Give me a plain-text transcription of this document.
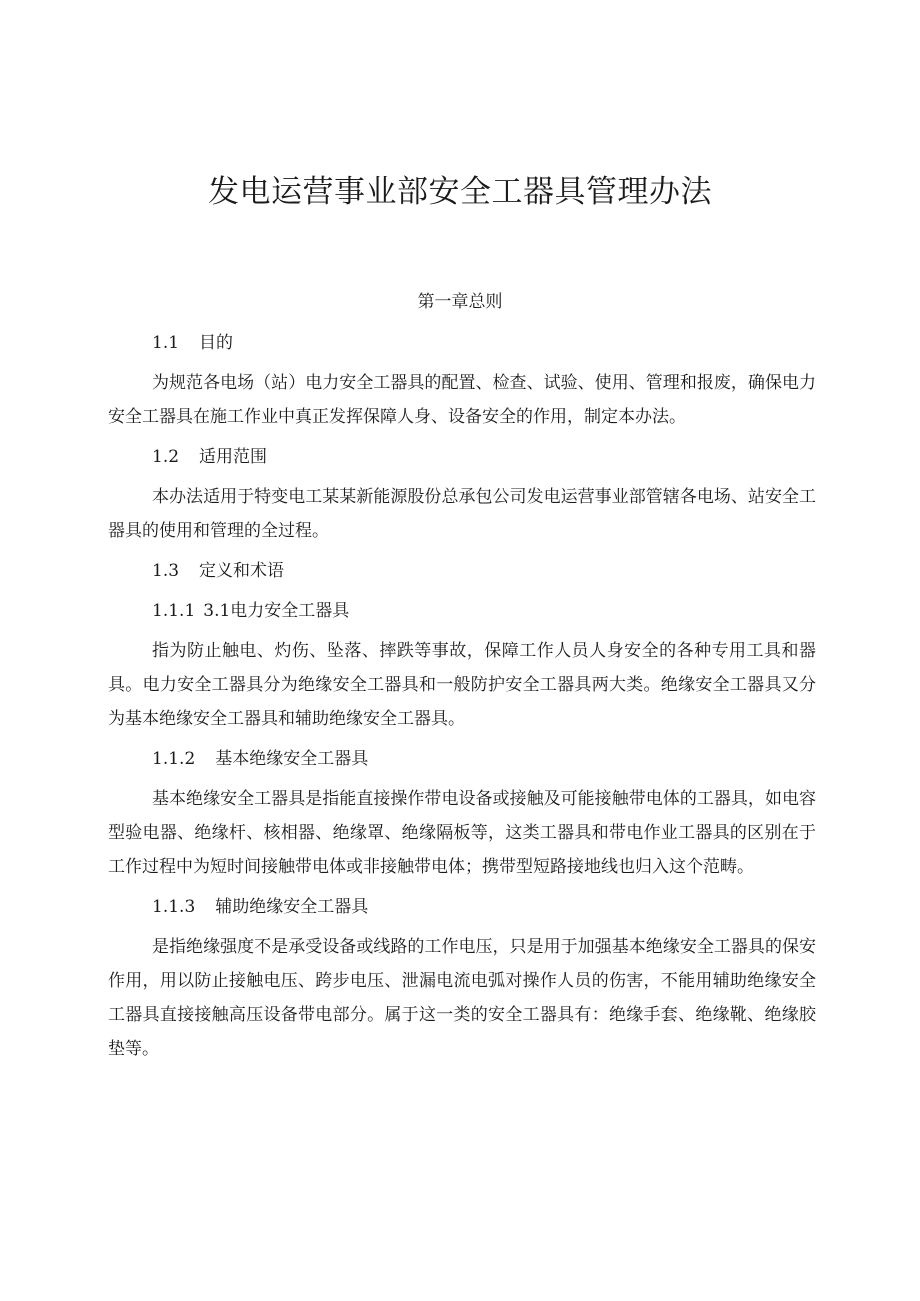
发电运营事业部安全工器具管理办法
第一章总则
1.1 目的

为规范各电场（站）电力安全工器具的配置、检查、试验、使用、管理和报废，确保电力安全工器具在施工作业中真正发挥保障人身、设备安全的作用，制定本办法。

1.2 适用范围

本办法适用于特变电工某某新能源股份总承包公司发电运营事业部管辖各电场、站安全工器具的使用和管理的全过程。

1.3 定义和术语
1.1.1 3.1电力安全工器具

指为防止触电、灼伤、坠落、摔跌等事故，保障工作人员人身安全的各种专用工具和器具。电力安全工器具分为绝缘安全工器具和一般防护安全工器具两大类。绝缘安全工器具又分为基本绝缘安全工器具和辅助绝缘安全工器具。

1.1.2 基本绝缘安全工器具

基本绝缘安全工器具是指能直接操作带电设备或接触及可能接触带电体的工器具，如电容型验电器、绝缘杆、核相器、绝缘罩、绝缘隔板等，这类工器具和带电作业工器具的区别在于工作过程中为短时间接触带电体或非接触带电体；携带型短路接地线也归入这个范畴。

1.1.3 辅助绝缘安全工器具

是指绝缘强度不是承受设备或线路的工作电压，只是用于加强基本绝缘安全工器具的保安作用，用以防止接触电压、跨步电压、泄漏电流电弧对操作人员的伤害，不能用辅助绝缘安全工器具直接接触高压设备带电部分。属于这一类的安全工器具有：绝缘手套、绝缘靴、绝缘胶垫等。
